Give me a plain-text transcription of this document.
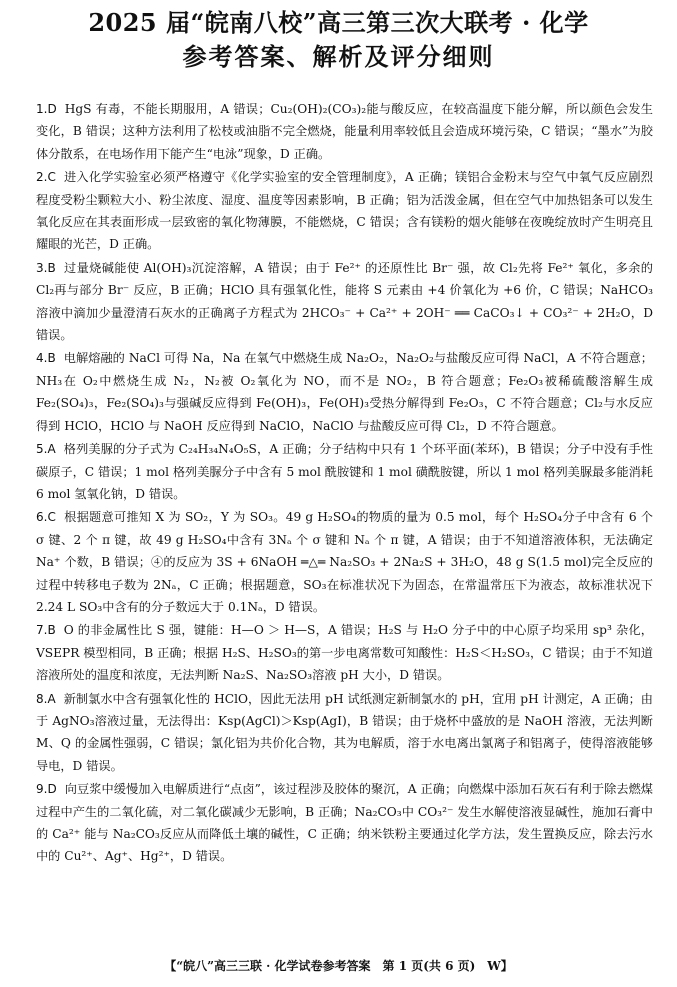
2025 届“皖南八校”高三第三次大联考 · 化学
参考答案、解析及评分细则
1.D HgS 有毒，不能长期服用，A 错误；Cu₂(OH)₂(CO₃)₂能与酸反应，在较高温度下能分解，所以颜色会发生变化，B 错误；这种方法利用了松枝或油脂不完全燃烧，能量利用率较低且会造成环境污染，C 错误；“墨水”为胶体分散系，在电场作用下能产生“电泳”现象，D 正确。
2.C 进入化学实验室必须严格遵守《化学实验室的安全管理制度》，A 正确；镁铝合金粉末与空气中氧气反应剧烈程度受粉尘颗粒大小、粉尘浓度、湿度、温度等因素影响，B 正确；铝为活泼金属，但在空气中加热铝条可以发生氧化反应在其表面形成一层致密的氧化物薄膜，不能燃烧，C 错误；含有镁粉的烟火能够在夜晚绽放时产生明亮且耀眼的光芒，D 正确。
3.B 过量烧碱能使 Al(OH)₃沉淀溶解，A 错误；由于 Fe²⁺ 的还原性比 Br⁻ 强，故 Cl₂先将 Fe²⁺ 氧化，多余的 Cl₂再与部分 Br⁻ 反应，B 正确；HClO 具有强氧化性，能将 S 元素由 +4 价氧化为 +6 价，C 错误；NaHCO₃溶液中滴加少量澄清石灰水的正确离子方程式为 2HCO₃⁻ + Ca²⁺ + 2OH⁻ ══ CaCO₃↓ + CO₃²⁻ + 2H₂O，D 错误。
4.B 电解熔融的 NaCl 可得 Na，Na 在氧气中燃烧生成 Na₂O₂，Na₂O₂与盐酸反应可得 NaCl，A 不符合题意；NH₃在 O₂中燃烧生成 N₂，N₂被 O₂氧化为 NO，而不是 NO₂，B 符合题意；Fe₂O₃被稀硫酸溶解生成 Fe₂(SO₄)₃，Fe₂(SO₄)₃与强碱反应得到 Fe(OH)₃，Fe(OH)₃受热分解得到 Fe₂O₃，C 不符合题意；Cl₂与水反应得到 HClO，HClO 与 NaOH 反应得到 NaClO，NaClO 与盐酸反应可得 Cl₂，D 不符合题意。
5.A 格列美脲的分子式为 C₂₄H₃₄N₄O₅S，A 正确；分子结构中只有 1 个环平面(苯环)，B 错误；分子中没有手性碳原子，C 错误；1 mol 格列美脲分子中含有 5 mol 酰胺键和 1 mol 磺酰胺键，所以 1 mol 格列美脲最多能消耗 6 mol 氢氧化钠，D 错误。
6.C 根据题意可推知 X 为 SO₂，Y 为 SO₃。49 g H₂SO₄的物质的量为 0.5 mol，每个 H₂SO₄分子中含有 6 个 σ 键、2 个 π 键，故 49 g H₂SO₄中含有 3Nₐ 个 σ 键和 Nₐ 个 π 键，A 错误；由于不知道溶液体积，无法确定 Na⁺ 个数，B 错误；④的反应为 3S + 6NaOH ═△═ Na₂SO₃ + 2Na₂S + 3H₂O，48 g S(1.5 mol)完全反应的过程中转移电子数为 2Nₐ，C 正确；根据题意，SO₃在标准状况下为固态，在常温常压下为液态，故标准状况下 2.24 L SO₃中含有的分子数远大于 0.1Nₐ，D 错误。
7.B O 的非金属性比 S 强，键能：H—O ＞ H—S，A 错误；H₂S 与 H₂O 分子中的中心原子均采用 sp³ 杂化，VSEPR 模型相同，B 正确；根据 H₂S、H₂SO₃的第一步电离常数可知酸性：H₂S＜H₂SO₃，C 错误；由于不知道溶液所处的温度和浓度，无法判断 Na₂S、Na₂SO₃溶液 pH 大小，D 错误。
8.A 新制氯水中含有强氧化性的 HClO，因此无法用 pH 试纸测定新制氯水的 pH，宜用 pH 计测定，A 正确；由于 AgNO₃溶液过量，无法得出：Ksp(AgCl)＞Ksp(AgI)，B 错误；由于烧杯中盛放的是 NaOH 溶液，无法判断 M、Q 的金属性强弱，C 错误；氯化铝为共价化合物，其为电解质，溶于水电离出氯离子和铝离子，使得溶液能够导电，D 错误。
9.D 向豆浆中缓慢加入电解质进行“点卤”，该过程涉及胶体的聚沉，A 正确；向燃煤中添加石灰石有利于除去燃煤过程中产生的二氧化硫，对二氧化碳减少无影响，B 正确；Na₂CO₃中 CO₃²⁻ 发生水解使溶液显碱性，施加石膏中的 Ca²⁺ 能与 Na₂CO₃反应从而降低土壤的碱性，C 正确；纳米铁粉主要通过化学方法，发生置换反应，除去污水中的 Cu²⁺、Ag⁺、Hg²⁺，D 错误。
【“皖八”高三三联 · 化学试卷参考答案　第 1 页(共 6 页)　W】
